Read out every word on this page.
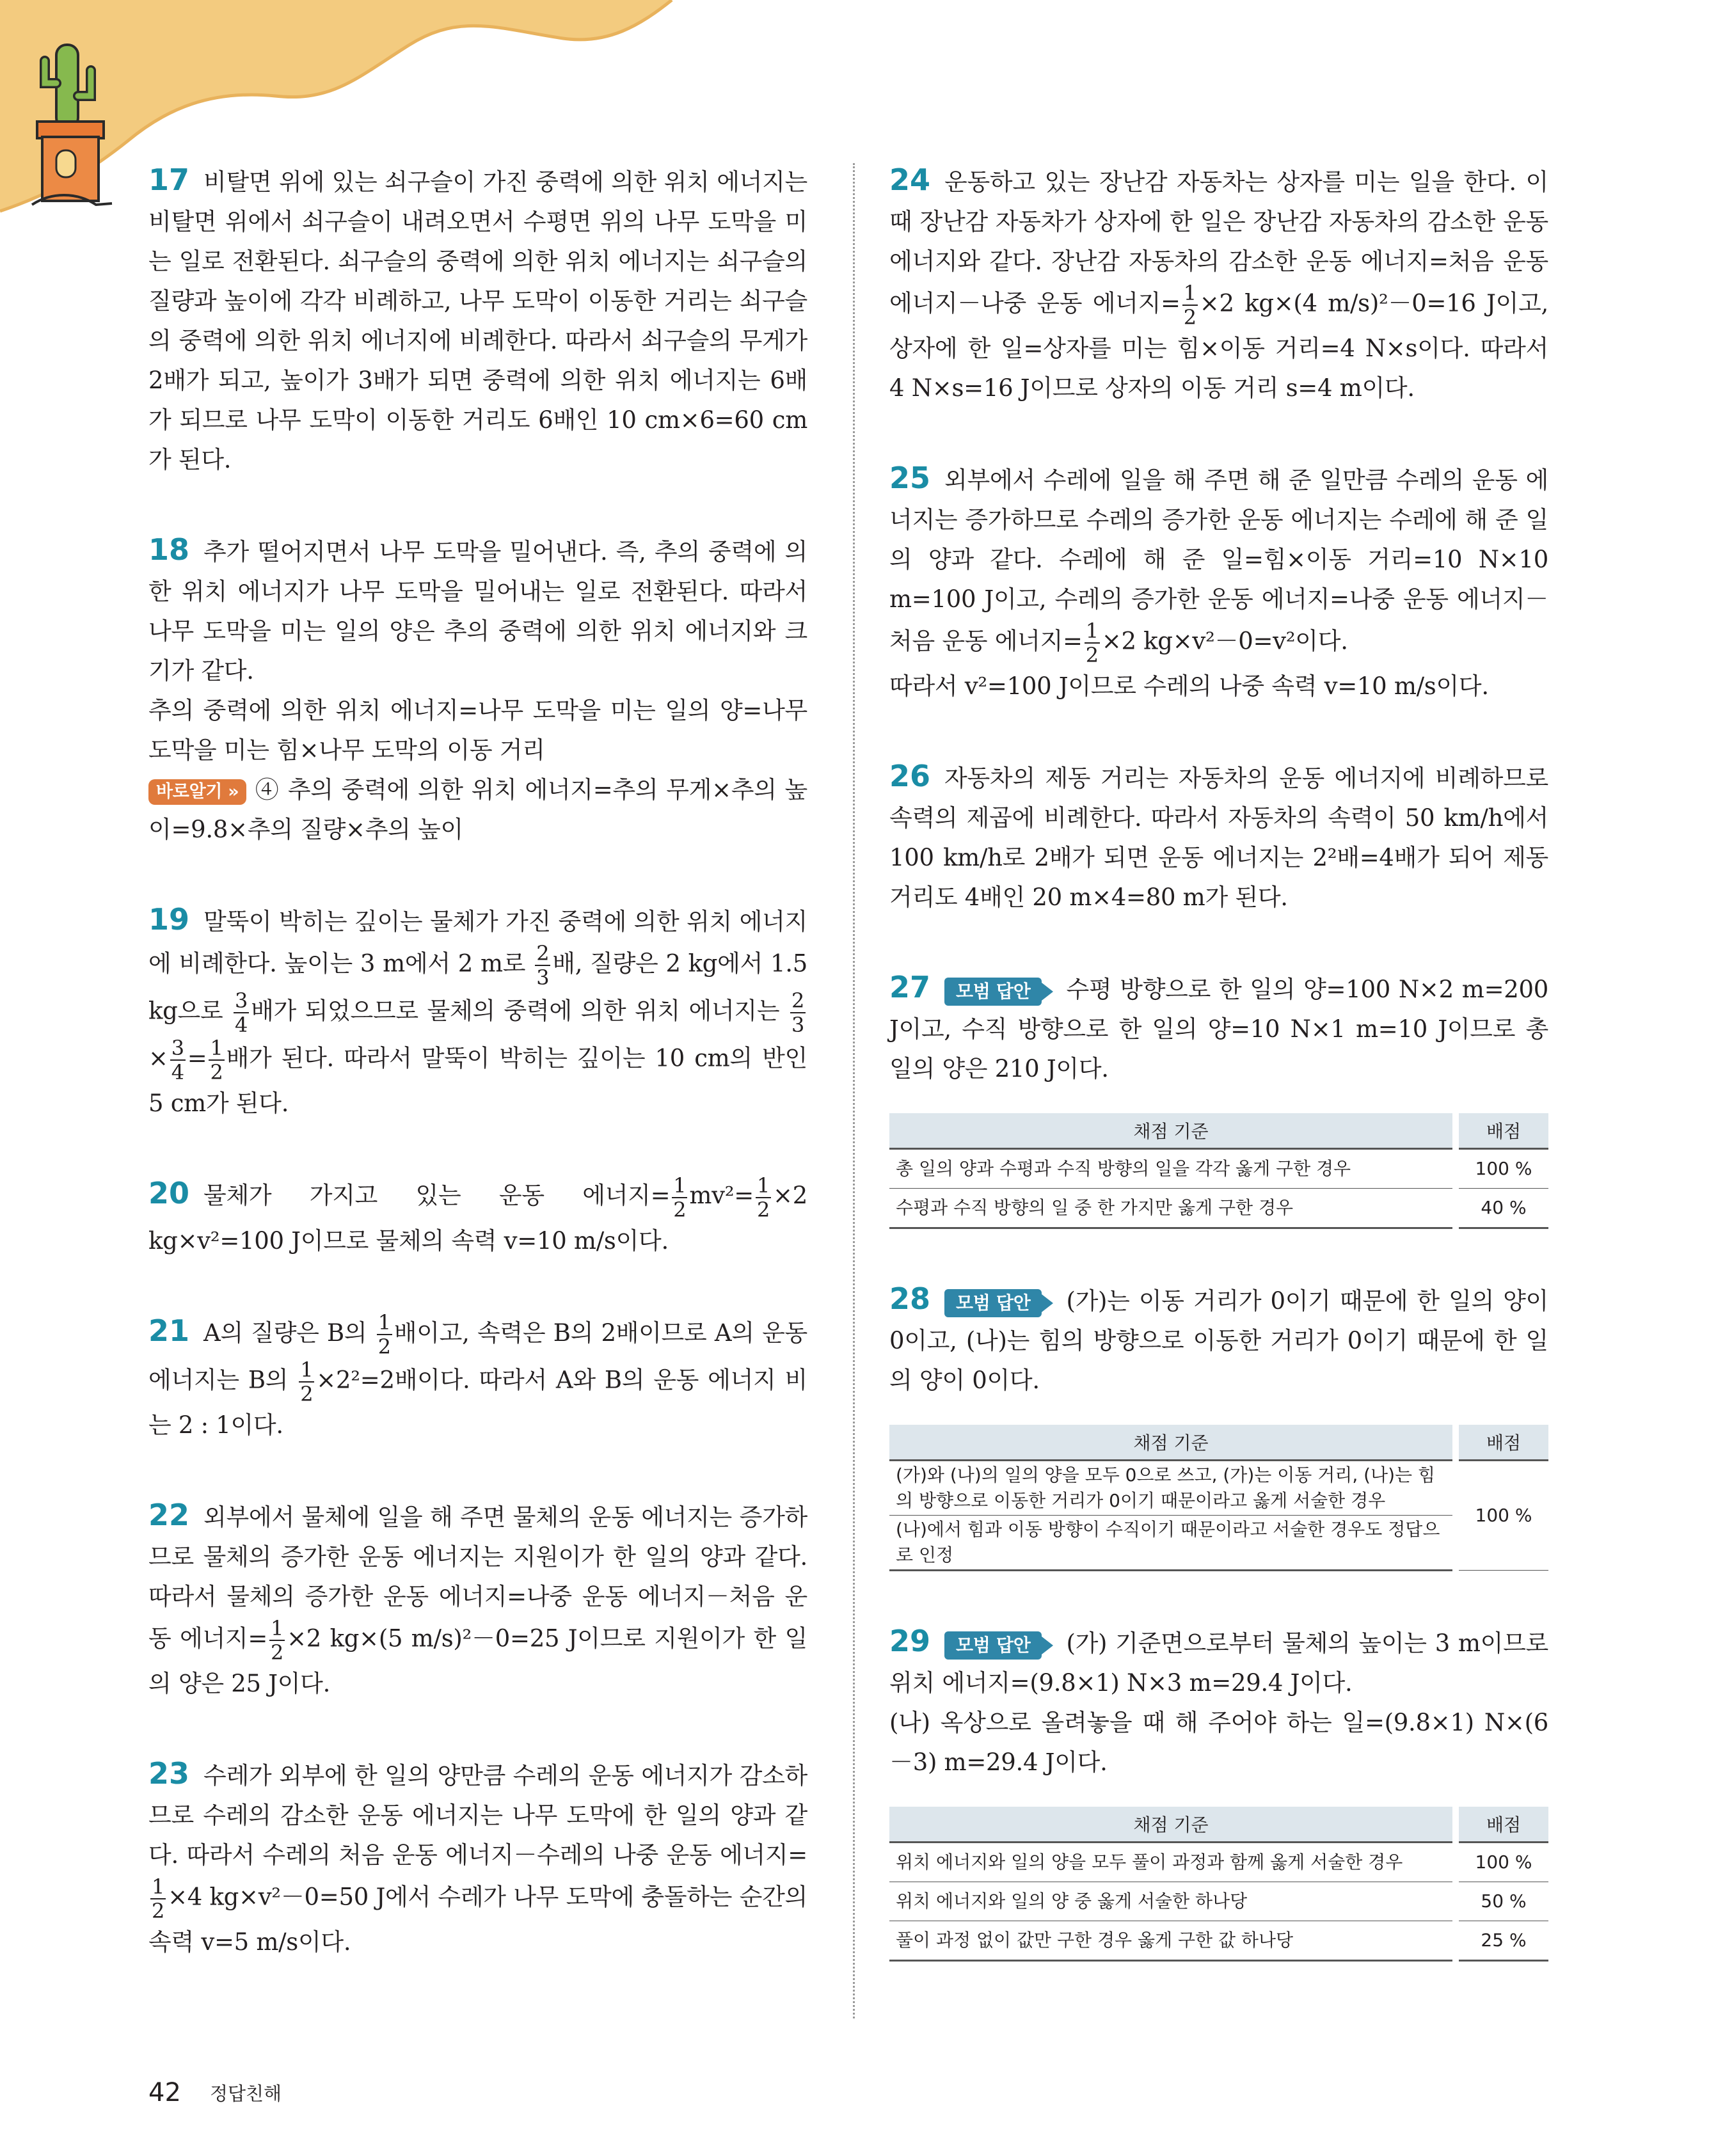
17 비탈면 위에 있는 쇠구슬이 가진 중력에 의한 위치 에너지는 비탈면 위에서 쇠구슬이 내려오면서 수평면 위의 나무 도막을 미는 일로 전환된다. 쇠구슬의 중력에 의한 위치 에너지는 쇠구슬의 질량과 높이에 각각 비례하고, 나무 도막이 이동한 거리는 쇠구슬의 중력에 의한 위치 에너지에 비례한다. 따라서 쇠구슬의 무게가 2배가 되고, 높이가 3배가 되면 중력에 의한 위치 에너지는 6배가 되므로 나무 도막이 이동한 거리도 6배인 10 cm×6=60 cm가 된다.

18 추가 떨어지면서 나무 도막을 밀어낸다. 즉, 추의 중력에 의한 위치 에너지가 나무 도막을 밀어내는 일로 전환된다. 따라서 나무 도막을 미는 일의 양은 추의 중력에 의한 위치 에너지와 크기가 같다.

추의 중력에 의한 위치 에너지=나무 도막을 미는 일의 양=나무 도막을 미는 힘×나무 도막의 이동 거리

바로알기 » ④ 추의 중력에 의한 위치 에너지=추의 무게×추의 높이=9.8×추의 질량×추의 높이

19 말뚝이 박히는 깊이는 물체가 가진 중력에 의한 위치 에너지에 비례한다. 높이는 3 m에서 2 m로 $\frac{2}{3}$ 배, 질량은 2 kg에서 1.5 kg으로 $\frac{3}{4}$ 배가 되었으므로 물체의 중력에 의한 위치 에너지는 $\frac{2}{3}$
× $\frac{3}{4} = \frac{1}{2}$ 배가 된다. 따라서 말뚝이 박히는 깊이는 10 cm의 반인 5 cm가 된다.
20 물체가 가지고 있는 운동 에너지= $\frac{1}{2} mv^2= \frac{1}{2} \times 2$ kg×v²=100 J이므로 물체의 속력 v=10 m/s이다.
21 A의 질량은 B의 $\frac{1}{2}$ 배이고, 속력은 B의 2배이므로 A의 운동 에너지는 B의 $\frac{1}{2} \times 2^2=2$배이다. 따라서 A와 B의 운동 에너지 비는 2 : 1이다.
22 외부에서 물체에 일을 해 주면 물체의 운동 에너지는 증가하므로 물체의 증가한 운동 에너지는 지원이가 한 일의 양과 같다. 따라서 물체의 증가한 운동 에너지=나중 운동 에너지－처음 운동 에너지= $\frac{1}{2} \times 2$ kg×(5 m/s)²－0=25 J이므로 지원이가 한 일의 양은 25 J이다.
23 수레가 외부에 한 일의 양만큼 수레의 운동 에너지가 감소하므로 수레의 감소한 운동 에너지는 나무 도막에 한 일의 양과 같다. 따라서 수레의 처음 운동 에너지－수레의 나중 운동 에너지=
$\frac{1}{2} \times 4$ kg×v²－0=50 J에서 수레가 나무 도막에 충돌하는 순간의 속력 v=5 m/s이다.
24 운동하고 있는 장난감 자동차는 상자를 미는 일을 한다. 이때 장난감 자동차가 상자에 한 일은 장난감 자동차의 감소한 운동 에너지와 같다. 장난감 자동차의 감소한 운동 에너지=처음 운동 에너지－나중 운동 에너지= $\frac{1}{2} \times 2$ kg×(4 m/s)²－0=16 J이고, 상자에 한 일=상자를 미는 힘×이동 거리=4 N×s이다. 따라서 4 N×s=16 J이므로 상자의 이동 거리 s=4 m이다.

25 외부에서 수레에 일을 해 주면 해 준 일만큼 수레의 운동 에너지는 증가하므로 수레의 증가한 운동 에너지는 수레에 해 준 일의 양과 같다. 수레에 해 준 일=힘×이동 거리=10 N×10 m=100 J이고, 수레의 증가한 운동 에너지=나중 운동 에너지－처음 운동 에너지= $\frac{1}{2} \times 2$ kg×v²－0=v²이다.

따라서 v²=100 J이므로 수레의 나중 속력 v=10 m/s이다.

26 자동차의 제동 거리는 자동차의 운동 에너지에 비례하므로 속력의 제곱에 비례한다. 따라서 자동차의 속력이 50 km/h에서 100 km/h로 2배가 되면 운동 에너지는 2²배=4배가 되어 제동 거리도 4배인 20 m×4=80 m가 된다.
27 모범 답안 수평 방향으로 한 일의 양=100 N×2 m=200 J이고, 수직 방향으로 한 일의 양=10 N×1 m=10 J이므로 총 일의 양은 210 J이다.
채점 기준	배점
총 일의 양과 수평과 수직 방향의 일을 각각 옳게 구한 경우	100 %
수평과 수직 방향의 일 중 한 가지만 옳게 구한 경우	40 %
28 모범 답안 (가)는 이동 거리가 0이기 때문에 한 일의 양이 0이고, (나)는 힘의 방향으로 이동한 거리가 0이기 때문에 한 일의 양이 0이다.
채점 기준	배점
(가)와 (나)의 일의 양을 모두 0으로 쓰고, (가)는 이동 거리, (나)는 힘의 방향으로 이동한 거리가 0이기 때문이라고 옳게 서술한 경우	100 %
(나)에서 힘과 이동 방향이 수직이기 때문이라고 서술한 경우도 정답으로 인정	

29 모범 답안 (가) 기준면으로부터 물체의 높이는 3 m이므로 위치 에너지=(9.8×1) N×3 m=29.4 J이다.

(나) 옥상으로 올려놓을 때 해 주어야 하는 일=(9.8×1) N×(6－3) m=29.4 J이다.

채점 기준	배점
위치 에너지와 일의 양을 모두 풀이 과정과 함께 옳게 서술한 경우	100 %
위치 에너지와 일의 양 중 옳게 서술한 하나당	50 %
풀이 과정 없이 값만 구한 경우 옳게 구한 값 하나당	25 %
42 정답친해
